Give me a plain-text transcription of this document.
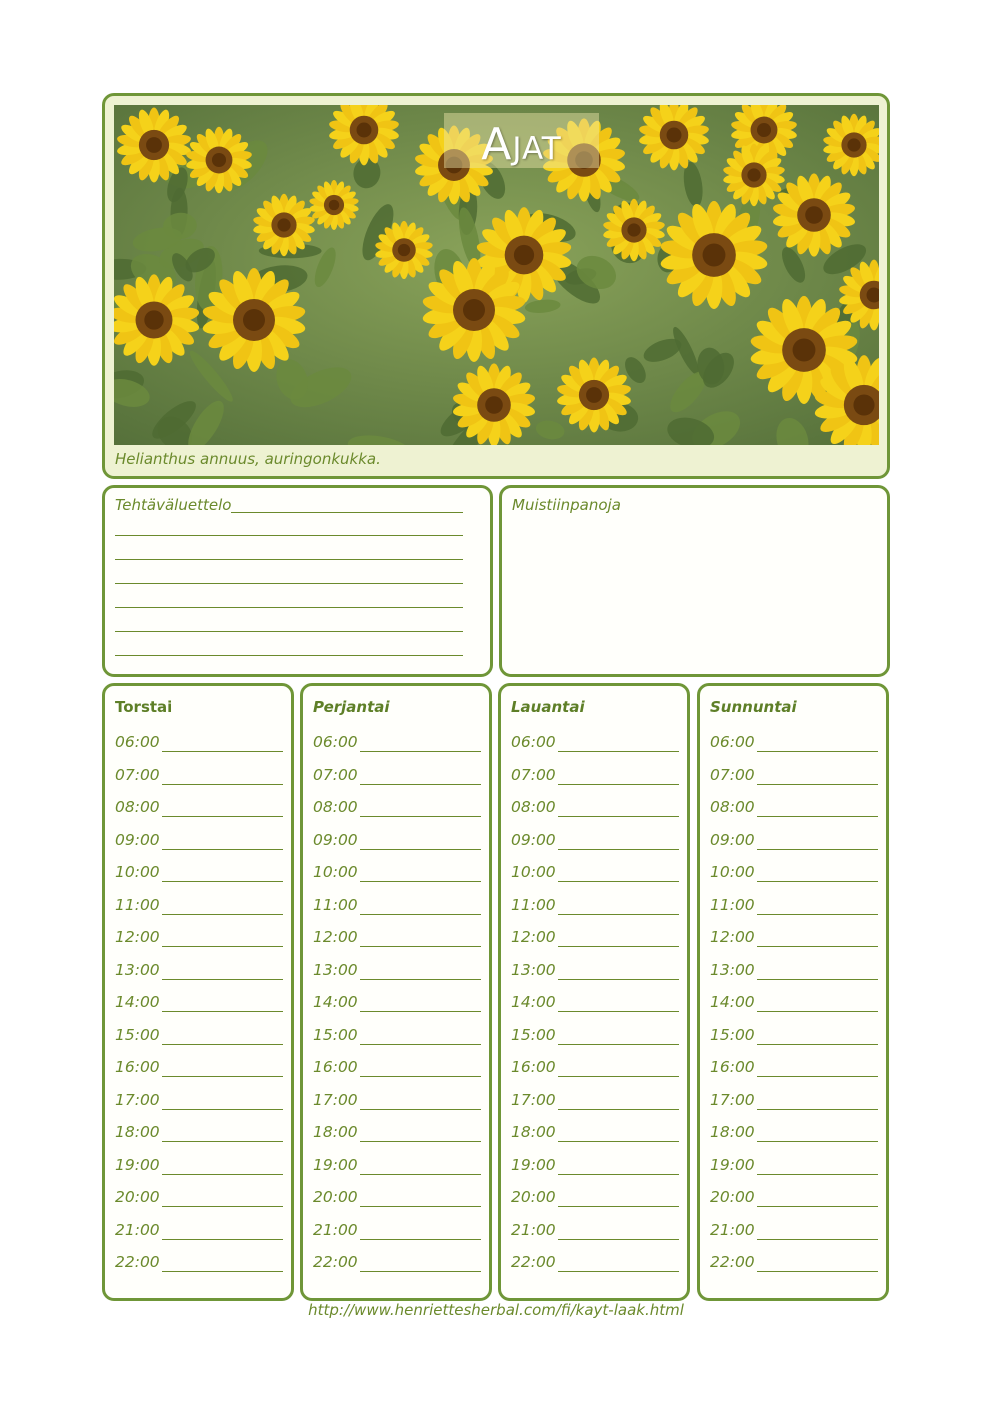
Ajat
Helianthus annuus, auringonkukka.
Tehtäväluettelo	Muistiinpanoja
Torstai
06:00
07:00
08:00
09:00
10:00
11:00
12:00
13:00
14:00
15:00
16:00
17:00
18:00
19:00
20:00
21:00
22:00
Perjantai
06:00
07:00
08:00
09:00
10:00
11:00
12:00
13:00
14:00
15:00
16:00
17:00
18:00
19:00
20:00
21:00
22:00
Lauantai
06:00
07:00
08:00
09:00
10:00
11:00
12:00
13:00
14:00
15:00
16:00
17:00
18:00
19:00
20:00
21:00
22:00
Sunnuntai
06:00
07:00
08:00
09:00
10:00
11:00
12:00
13:00
14:00
15:00
16:00
17:00
18:00
19:00
20:00
21:00
22:00
http://www.henriettesherbal.com/fi/kayt-laak.html
